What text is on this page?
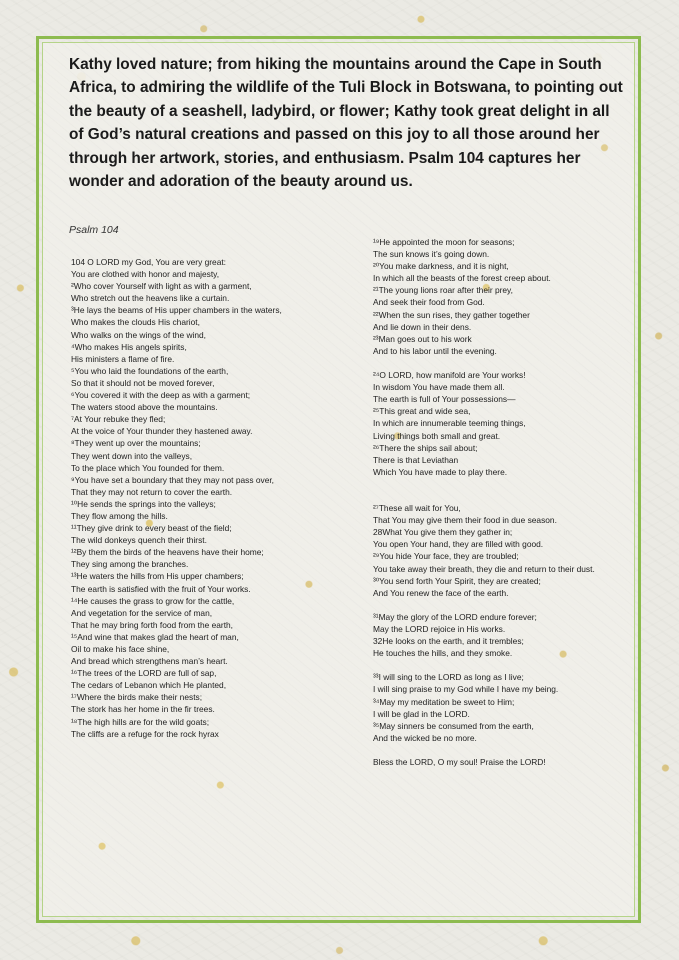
Kathy loved nature; from hiking the mountains around the Cape in South Africa, to admiring the wildlife of the Tuli Block in Botswana, to pointing out the beauty of a seashell, ladybird, or flower; Kathy took great delight in all of God’s natural creations and passed on this joy to all those around her through her artwork, stories, and enthusiasm. Psalm 104 captures her wonder and adoration of the beauty around us.

Psalm 104

104 O LORD my God, You are very great:
You are clothed with honor and majesty,
²Who cover Yourself with light as with a garment,
Who stretch out the heavens like a curtain.
³He lays the beams of His upper chambers in the waters,
Who makes the clouds His chariot,
Who walks on the wings of the wind,
⁴Who makes His angels spirits,
His ministers a flame of fire.
⁵You who laid the foundations of the earth,
So that it should not be moved forever,
⁶You covered it with the deep as with a garment;
The waters stood above the mountains.
⁷At Your rebuke they fled;
At the voice of Your thunder they hastened away.
⁸They went up over the mountains;
They went down into the valleys,
To the place which You founded for them.
⁹You have set a boundary that they may not pass over,
That they may not return to cover the earth.
¹⁰He sends the springs into the valleys;
They flow among the hills.
¹¹They give drink to every beast of the field;
The wild donkeys quench their thirst.
¹²By them the birds of the heavens have their home;
They sing among the branches.
¹³He waters the hills from His upper chambers;
The earth is satisfied with the fruit of Your works.
¹⁴He causes the grass to grow for the cattle,
And vegetation for the service of man,
That he may bring forth food from the earth,
¹⁵And wine that makes glad the heart of man,
Oil to make his face shine,
And bread which strengthens man’s heart.
¹⁶The trees of the LORD are full of sap,
The cedars of Lebanon which He planted,
¹⁷Where the birds make their nests;
The stork has her home in the fir trees.
¹⁸The high hills are for the wild goats;
The cliffs are a refuge for the rock hyrax
¹⁹He appointed the moon for seasons;
The sun knows it’s going down.
²⁰You make darkness, and it is night,
In which all the beasts of the forest creep about.
²¹The young lions roar after their prey,
And seek their food from God.
²²When the sun rises, they gather together
And lie down in their dens.
²³Man goes out to his work
And to his labor until the evening.
²⁴O LORD, how manifold are Your works!
In wisdom You have made them all.
The earth is full of Your possessions—
²⁵This great and wide sea,
In which are innumerable teeming things,
Living things both small and great.
²⁶There the ships sail about;
There is that Leviathan
Which You have made to play there.
²⁷These all wait for You,
That You may give them their food in due season.
28What You give them they gather in;
You open Your hand, they are filled with good.
²⁹You hide Your face, they are troubled;
You take away their breath, they die and return to their dust.
³⁰You send forth Your Spirit, they are created;
And You renew the face of the earth.
³¹May the glory of the LORD endure forever;
May the LORD rejoice in His works.
32He looks on the earth, and it trembles;
He touches the hills, and they smoke.
³³I will sing to the LORD as long as I live;
I will sing praise to my God while I have my being.
³⁴May my meditation be sweet to Him;
I will be glad in the LORD.
³⁵May sinners be consumed from the earth,
And the wicked be no more.
Bless the LORD, O my soul! Praise the LORD!
